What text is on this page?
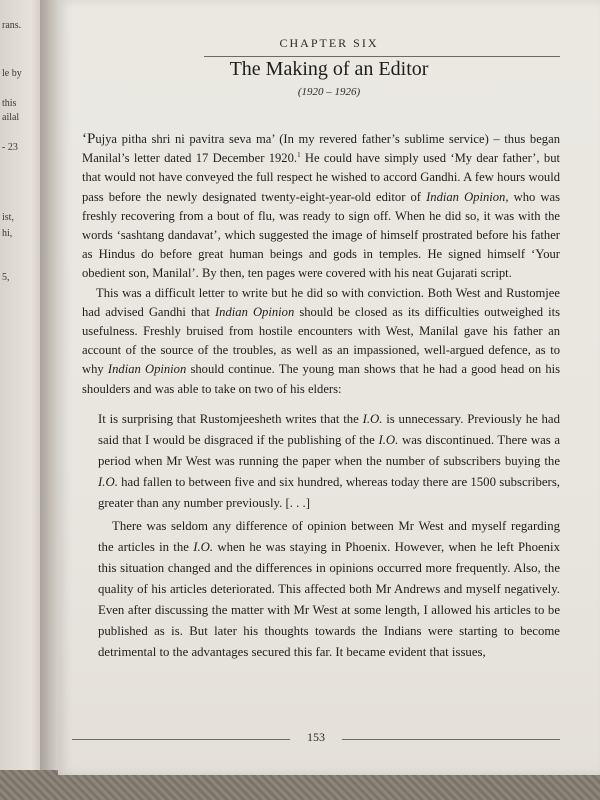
rans.
le by
this
ailal
- 23
ist,
hi,
5,
CHAPTER SIX
The Making of an Editor
(1920 – 1926)

‘Pujya pitha shri ni pavitra seva ma’ (In my revered father’s sublime service) – thus began Manilal’s letter dated 17 December 1920.$^1$ He could have simply used ‘My dear father’, but that would not have conveyed the full respect he wished to accord Gandhi. A few hours would pass before the newly designated twenty-eight-year-old editor of Indian Opinion, who was freshly recovering from a bout of flu, was ready to sign off. When he did so, it was with the words ‘sashtang dandavat’, which suggested the image of himself prostrated before his father as Hindus do before great human beings and gods in temples. He signed himself ‘Your obedient son, Manilal’. By then, ten pages were covered with his neat Gujarati script.

This was a difficult letter to write but he did so with conviction. Both West and Rustomjee had advised Gandhi that Indian Opinion should be closed as its difficulties outweighed its usefulness. Freshly bruised from hostile encounters with West, Manilal gave his father an account of the source of the troubles, as well as an impassioned, well-argued defence, as to why Indian Opinion should continue. The young man shows that he had a good head on his shoulders and was able to take on two of his elders:

It is surprising that Rustomjeesheth writes that the I.O. is unnecessary. Previously he had said that I would be disgraced if the publishing of the I.O. was discontinued. There was a period when Mr West was running the paper when the number of subscribers buying the I.O. had fallen to between five and six hundred, whereas today there are 1500 subscribers, greater than any number previously. [. . .]

There was seldom any difference of opinion between Mr West and myself regarding the articles in the I.O. when he was staying in Phoenix. However, when he left Phoenix this situation changed and the differences in opinions occurred more frequently. Also, the quality of his articles deteriorated. This affected both Mr Andrews and myself negatively. Even after discussing the matter with Mr West at some length, I allowed his articles to be published as is. But later his thoughts towards the Indians were starting to become detrimental to the advantages secured this far. It became evident that issues,

153
